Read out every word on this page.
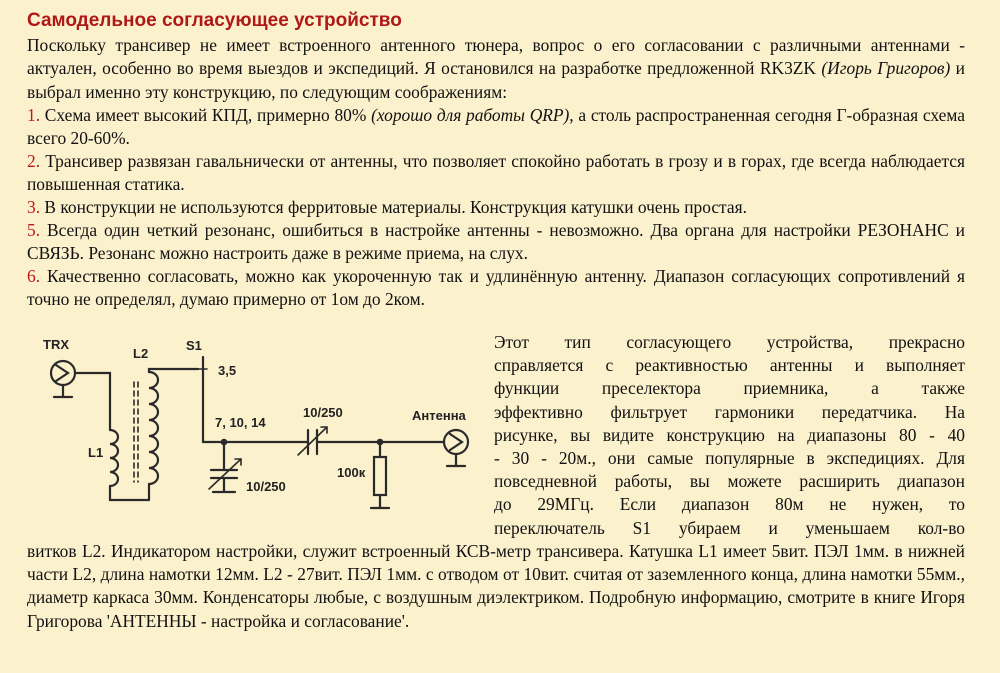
Самодельное согласующее устройство
Поскольку трансивер не имеет встроенного антенного тюнера, вопрос о его согласовании с различными антеннами - актуален, особенно во время выездов и экспедиций. Я остановился на разработке предложенной RK3ZK (Игорь Григоров) и выбрал именно эту конструкцию, по следующим соображениям:
1. Схема имеет высокий КПД, примерно 80% (хорошо для работы QRP), а столь распространенная сегодня Г-образная схема всего 20-60%.
2. Трансивер развязан гавальнически от антенны, что позволяет спокойно работать в грозу и в горах, где всегда наблюдается повышенная статика.
3. В конструкции не используются ферритовые материалы. Конструкция катушки очень простая.
5. Всегда один четкий резонанс, ошибиться в настройке антенны - невозможно. Два органа для настройки РЕЗОНАНС и СВЯЗЬ. Резонанс можно настроить даже в режиме приема, на слух.
6. Качественно согласовать, можно как укороченную так и удлинённую антенну. Диапазон согласующих сопротивлений я точно не определял, думаю примерно от 1ом до 2ком.
TRX
L2
S1
3,5
7, 10, 14
L1
10/250
10/250
100к
Антенна
Этот тип согласующего устройства, прекрасно
справляется с реактивностью антенны и выполняет
функции преселектора приемника, а также
эффективно фильтрует гармоники передатчика. На
рисунке, вы видите конструкцию на диапазоны 80 - 40
- 30 - 20м., они самые популярные в экспедициях. Для
повседневной работы, вы можете расширить диапазон
до 29МГц. Если диапазон 80м не нужен, то
переключатель S1 убираем и уменьшаем кол-во
витков L2. Индикатором настройки, служит встроенный КСВ-метр трансивера. Катушка L1 имеет 5вит. ПЭЛ 1мм. в нижней части L2, длина намотки 12мм. L2 - 27вит. ПЭЛ 1мм. с отводом от 10вит. считая от заземленного конца, длина намотки 55мм., диаметр каркаса 30мм. Конденсаторы любые, с воздушным диэлектриком. Подробную информацию, смотрите в книге Игоря Григорова 'АНТЕННЫ - настройка и согласование'.
